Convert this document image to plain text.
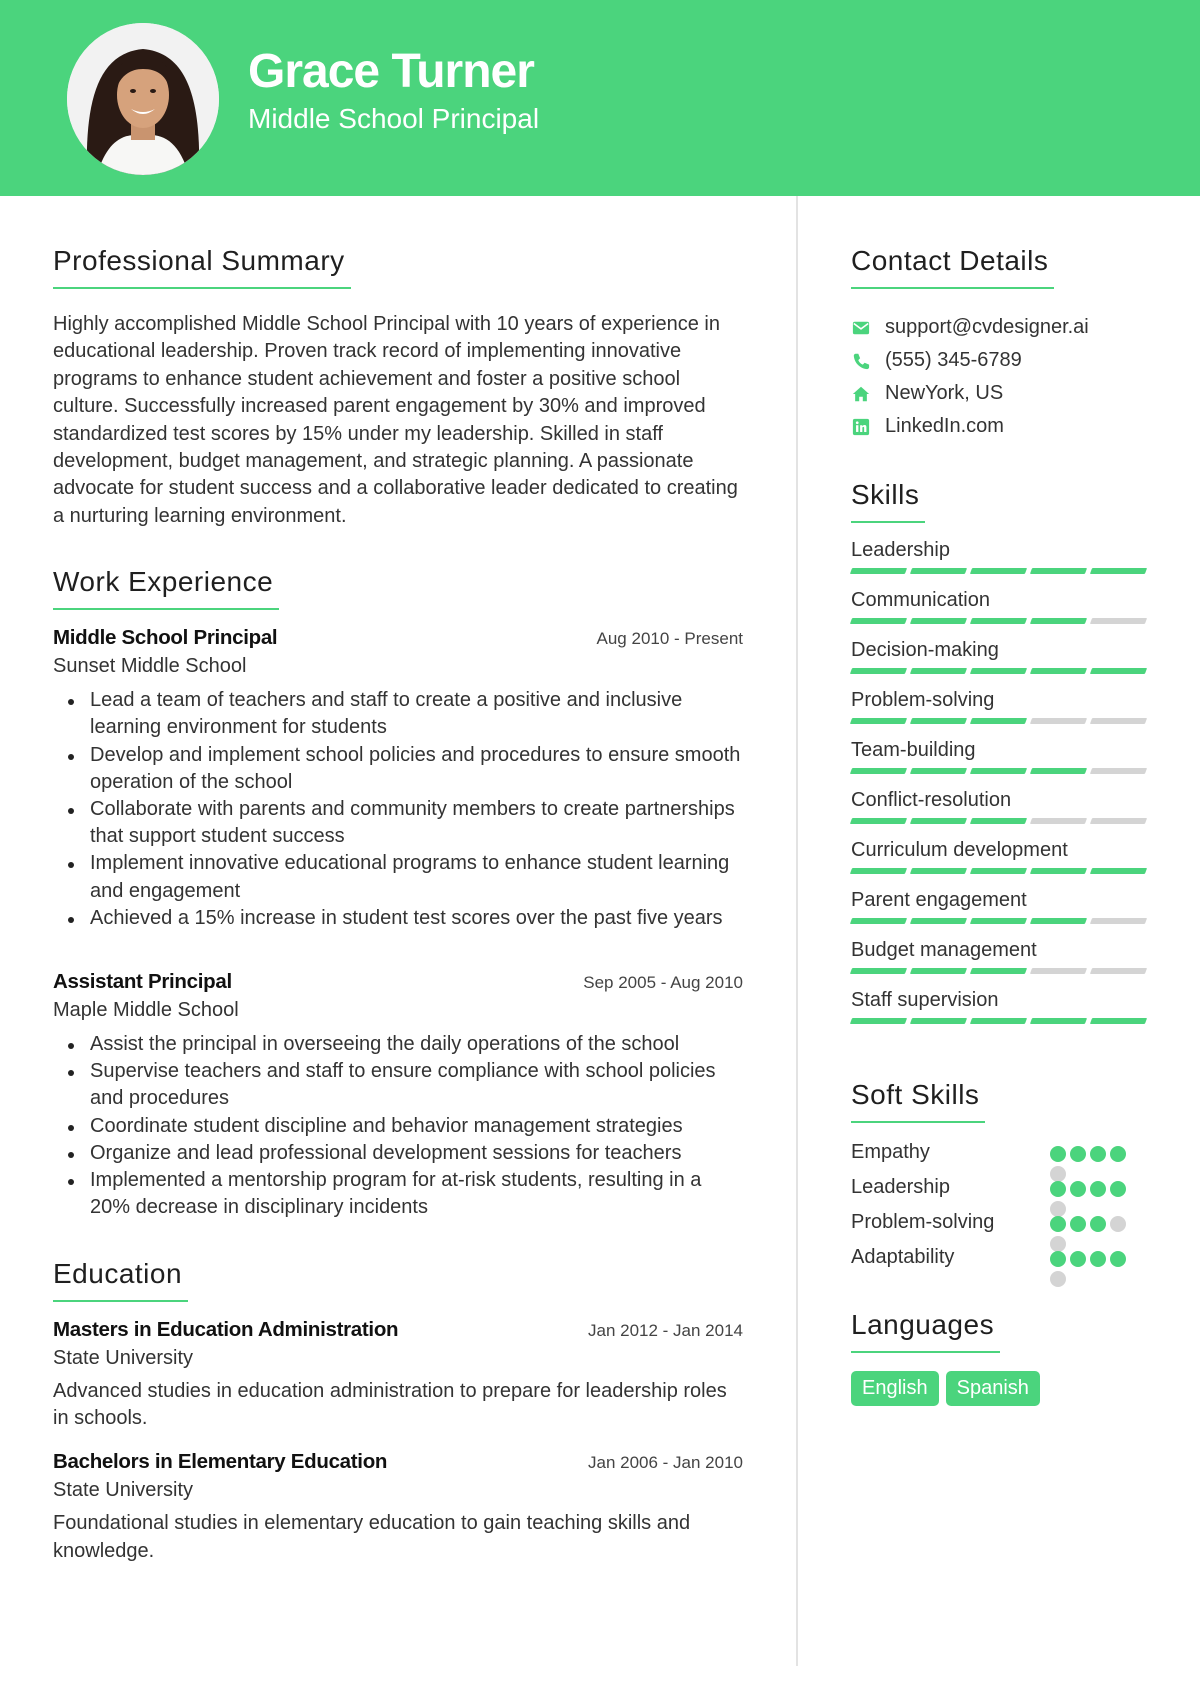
Grace Turner
Middle School Principal
Professional Summary

Highly accomplished Middle School Principal with 10 years of experience in educational leadership. Proven track record of implementing innovative programs to enhance student achievement and foster a positive school culture. Successfully increased parent engagement by 30% and improved standardized test scores by 15% under my leadership. Skilled in staff development, budget management, and strategic planning. A passionate advocate for student success and a collaborative leader dedicated to creating a nurturing learning environment.

Work Experience
Middle School Principal	Aug 2010 - Present
Sunset Middle School
Lead a team of teachers and staff to create a positive and inclusive learning environment for students
Develop and implement school policies and procedures to ensure smooth operation of the school
Collaborate with parents and community members to create partnerships that support student success
Implement innovative educational programs to enhance student learning and engagement
Achieved a 15% increase in student test scores over the past five years
Assistant Principal	Sep 2005 - Aug 2010
Maple Middle School
Assist the principal in overseeing the daily operations of the school
Supervise teachers and staff to ensure compliance with school policies and procedures
Coordinate student discipline and behavior management strategies
Organize and lead professional development sessions for teachers
Implemented a mentorship program for at-risk students, resulting in a 20% decrease in disciplinary incidents
Education
Masters in Education Administration	Jan 2012 - Jan 2014
State University

Advanced studies in education administration to prepare for leadership roles in schools.

Bachelors in Elementary Education	Jan 2006 - Jan 2010
State University

Foundational studies in elementary education to gain teaching skills and knowledge.

Contact Details
support@cvdesigner.ai
(555) 345-6789
NewYork, US
LinkedIn.com
Skills
Leadership
Communication
Decision-making
Problem-solving
Team-building
Conflict-resolution
Curriculum development
Parent engagement
Budget management
Staff supervision
Soft Skills
Empathy
Leadership
Problem-solving
Adaptability
Languages
English	Spanish
